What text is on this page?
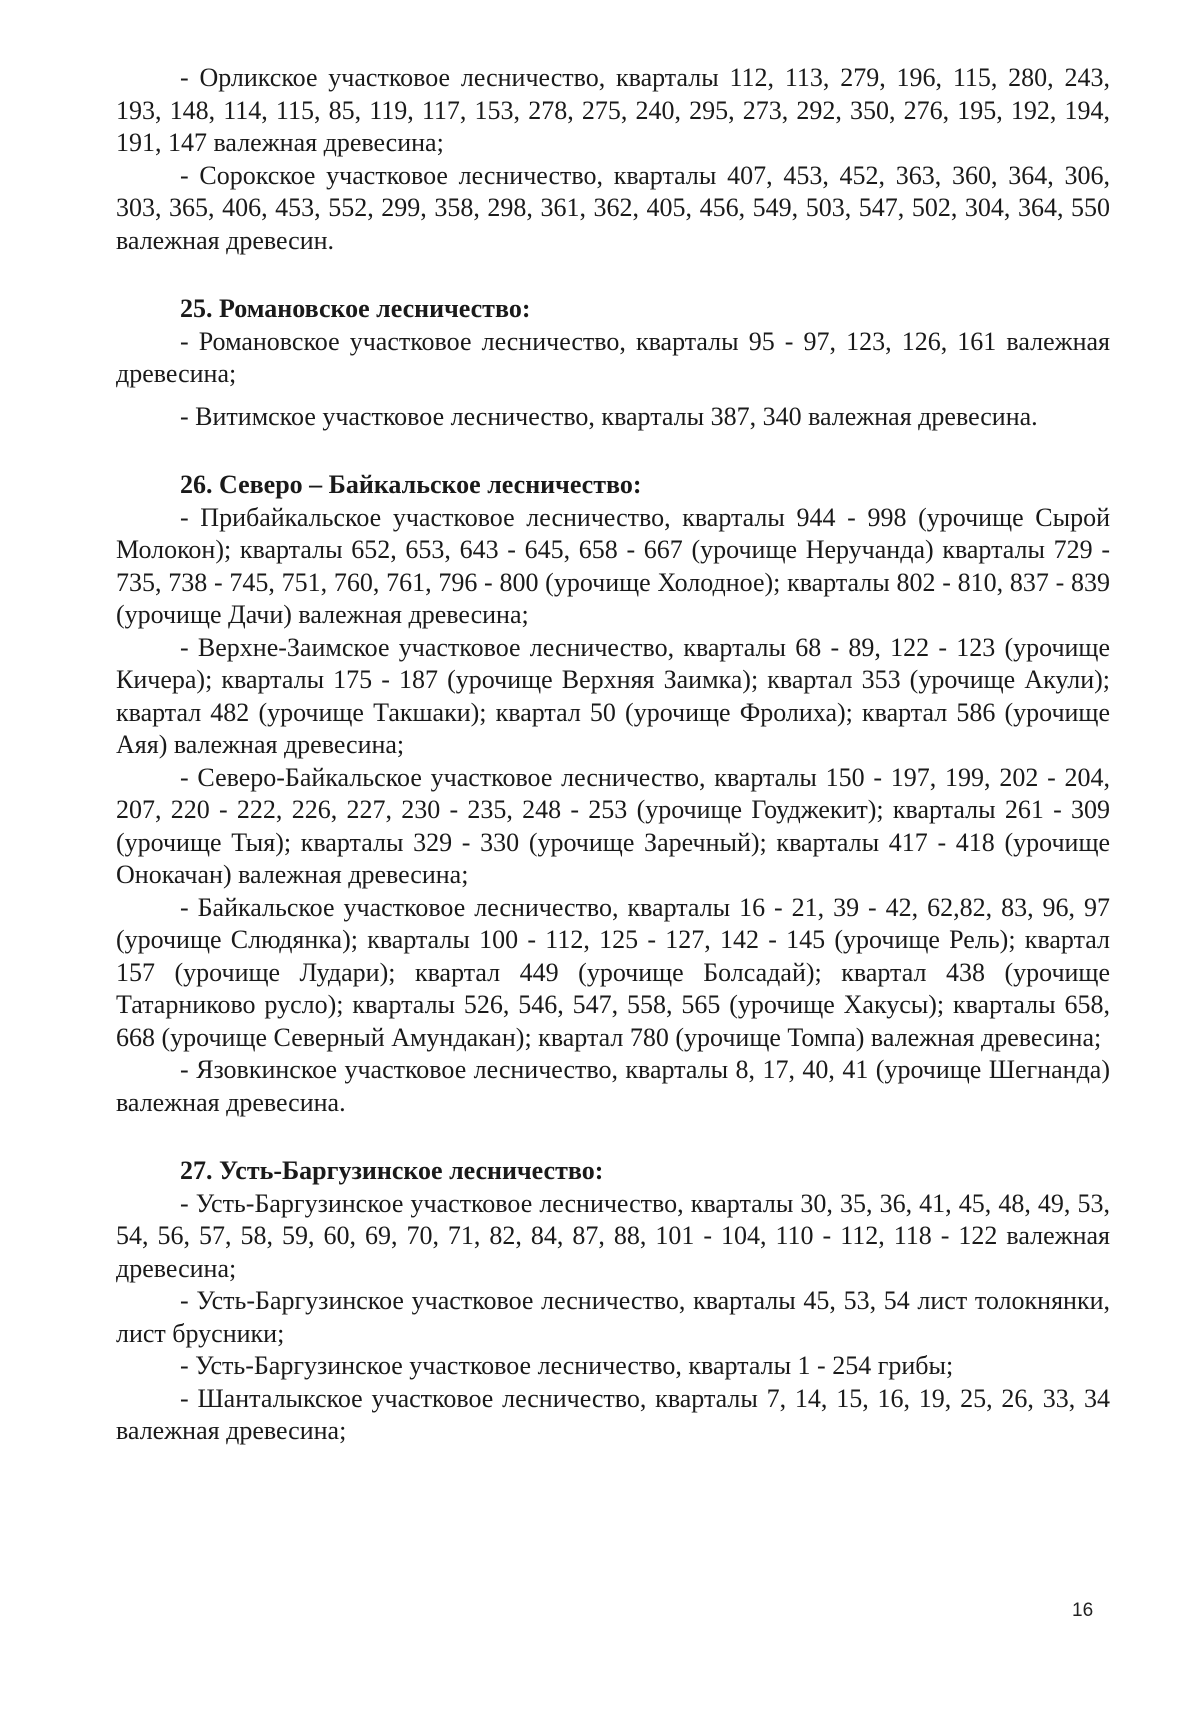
- Орликское участковое лесничество, кварталы 112, 113, 279, 196, 115, 280, 243, 193, 148, 114, 115, 85, 119, 117, 153, 278, 275, 240, 295, 273, 292, 350, 276, 195, 192, 194, 191, 147 валежная древесина;

- Сорокское участковое лесничество, кварталы 407, 453, 452, 363, 360, 364, 306, 303, 365, 406, 453, 552, 299, 358, 298, 361, 362, 405, 456, 549, 503, 547, 502, 304, 364, 550 валежная древесин.

25. Романовское лесничество:

- Романовское участковое лесничество, кварталы 95 - 97, 123, 126, 161 валежная древесина;

- Витимское участковое лесничество, кварталы 387, 340 валежная древесина.

26. Северо – Байкальское лесничество:

- Прибайкальское участковое лесничество, кварталы 944 - 998 (урочище Сырой Молокон); кварталы 652, 653, 643 - 645, 658 - 667 (урочище Неручанда) кварталы 729 - 735, 738 - 745, 751, 760, 761, 796 - 800 (урочище Холодное); кварталы 802 - 810, 837 - 839 (урочище Дачи) валежная древесина;

- Верхне-Заимское участковое лесничество, кварталы 68 - 89, 122 - 123 (урочище Кичера); кварталы 175 - 187 (урочище Верхняя Заимка); квартал 353 (урочище Акули); квартал 482 (урочище Такшаки); квартал 50 (урочище Фролиха); квартал 586 (урочище Аяя) валежная древесина;

- Северо-Байкальское участковое лесничество, кварталы 150 - 197, 199, 202 - 204, 207, 220 - 222, 226, 227, 230 - 235, 248 - 253 (урочище Гоуджекит); кварталы 261 - 309 (урочище Тыя); кварталы 329 - 330 (урочище Заречный); кварталы 417 - 418 (урочище Онокачан) валежная древесина;

- Байкальское участковое лесничество, кварталы 16 - 21, 39 - 42, 62,82, 83, 96, 97 (урочище Слюдянка); кварталы 100 - 112, 125 - 127, 142 - 145 (урочище Рель); квартал 157 (урочище Лудари); квартал 449 (урочище Болсадай); квартал 438 (урочище Татарниково русло); кварталы 526, 546, 547, 558, 565 (урочище Хакусы); кварталы 658, 668 (урочище Северный Амундакан); квартал 780 (урочище Томпа) валежная древесина;

- Язовкинское участковое лесничество, кварталы 8, 17, 40, 41 (урочище Шегнанда) валежная древесина.

27. Усть-Баргузинское лесничество:

- Усть-Баргузинское участковое лесничество, кварталы 30, 35, 36, 41, 45, 48, 49, 53, 54, 56, 57, 58, 59, 60, 69, 70, 71, 82, 84, 87, 88, 101 - 104, 110 - 112, 118 - 122 валежная древесина;

- Усть-Баргузинское участковое лесничество, кварталы 45, 53, 54 лист толокнянки, лист брусники;

- Усть-Баргузинское участковое лесничество, кварталы 1 - 254 грибы;

- Шанталыкское участковое лесничество, кварталы 7, 14, 15, 16, 19, 25, 26, 33, 34 валежная древесина;

16
